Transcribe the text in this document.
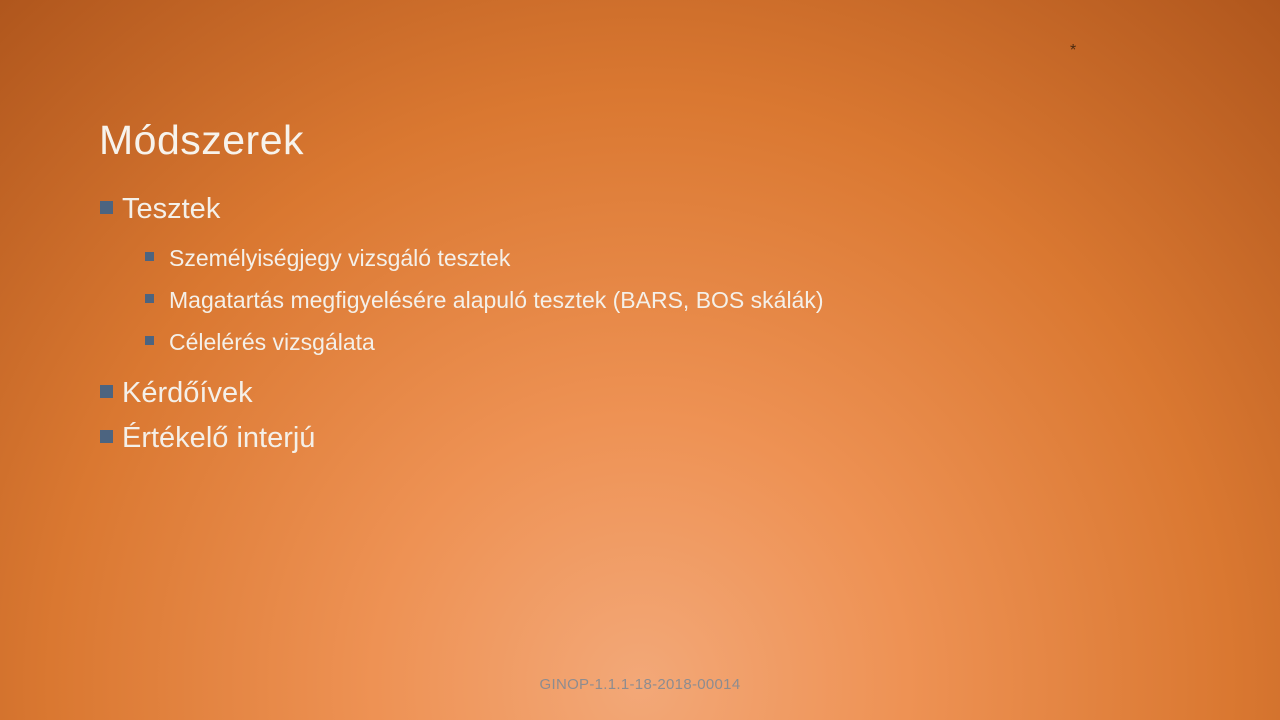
*
Módszerek
Tesztek
Személyiségjegy vizsgáló tesztek
Magatartás megfigyelésére alapuló tesztek (BARS, BOS skálák)
Célelérés vizsgálata
Kérdőívek
Értékelő interjú
GINOP-1.1.1-18-2018-00014
